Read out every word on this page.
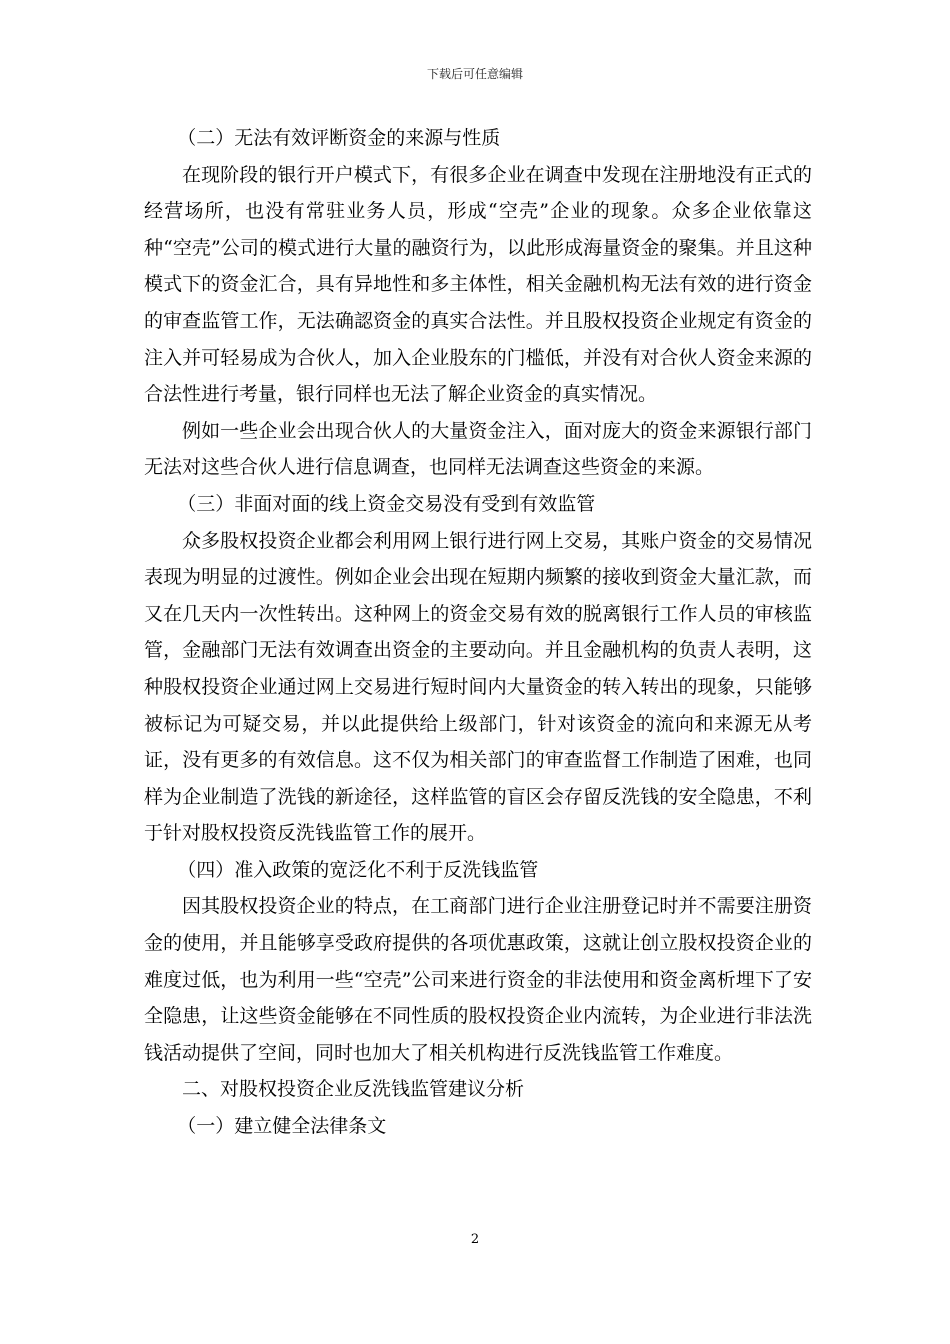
下载后可任意编辑

（二）无法有效评断资金的来源与性质

在现阶段的银行开户模式下，有很多企业在调查中发现在注册地没有正式的经营场所，也没有常驻业务人员，形成“空壳”企业的现象。众多企业依靠这种“空壳”公司的模式进行大量的融资行为，以此形成海量资金的聚集。并且这种模式下的资金汇合，具有异地性和多主体性，相关金融机构无法有效的进行资金的审查监管工作，无法确認资金的真实合法性。并且股权投资企业规定有资金的注入并可轻易成为合伙人，加入企业股东的门槛低，并没有对合伙人资金来源的合法性进行考量，银行同样也无法了解企业资金的真实情况。

例如一些企业会出现合伙人的大量资金注入，面对庞大的资金来源银行部门无法对这些合伙人进行信息调查，也同样无法调查这些资金的来源。

（三）非面对面的线上资金交易没有受到有效监管

众多股权投资企业都会利用网上银行进行网上交易，其账户资金的交易情况表现为明显的过渡性。例如企业会出现在短期内频繁的接收到资金大量汇款，而又在几天内一次性转出。这种网上的资金交易有效的脱离银行工作人员的审核监管，金融部门无法有效调查出资金的主要动向。并且金融机构的负责人表明，这种股权投资企业通过网上交易进行短时间内大量资金的转入转出的现象，只能够被标记为可疑交易，并以此提供给上级部门，针对该资金的流向和来源无从考证，没有更多的有效信息。这不仅为相关部门的审查监督工作制造了困难，也同样为企业制造了洗钱的新途径，这样监管的盲区会存留反洗钱的安全隐患，不利于针对股权投资反洗钱监管工作的展开。

（四）准入政策的宽泛化不利于反洗钱监管

因其股权投资企业的特点，在工商部门进行企业注册登记时并不需要注册资金的使用，并且能够享受政府提供的各项优惠政策，这就让创立股权投资企业的难度过低，也为利用一些“空壳”公司来进行资金的非法使用和资金离析埋下了安全隐患，让这些资金能够在不同性质的股权投资企业内流转，为企业进行非法洗钱活动提供了空间，同时也加大了相关机构进行反洗钱监管工作难度。

二、对股权投资企业反洗钱监管建议分析

（一）建立健全法律条文

2
